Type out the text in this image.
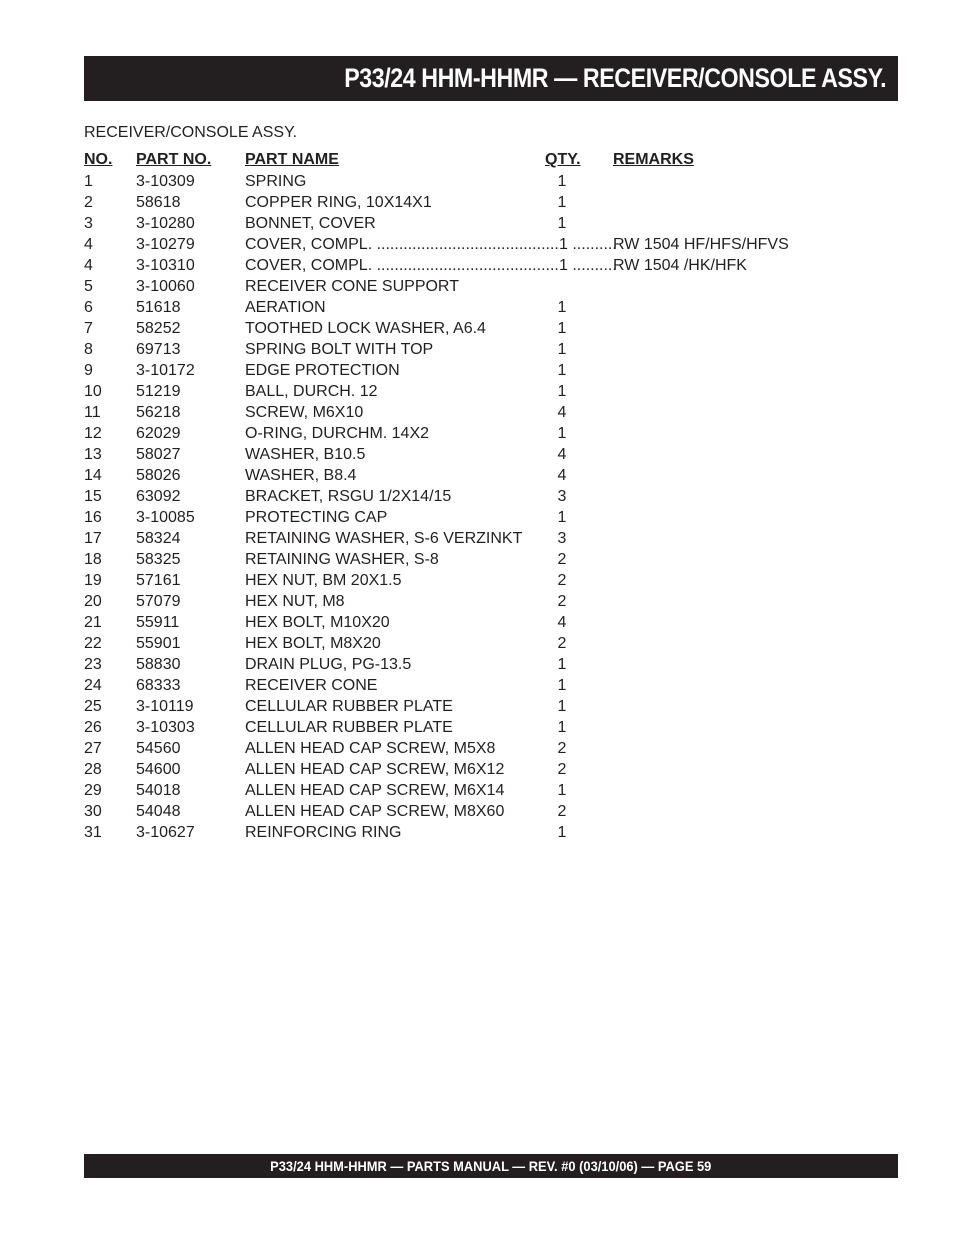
P33/24 HHM-HHMR — RECEIVER/CONSOLE ASSY.
RECEIVER/CONSOLE ASSY.
NO. PART NO. PART NAME	QTY. REMARKS
1	3-10309	SPRING	1
2	58618	COPPER RING, 10X14X1	1
3	3-10280	BONNET, COVER	1
4	3-10279	COVER, COMPL. .....	1 .....	RW 1504 HF/HFS/HFVS
4	3-10310	COVER, COMPL. .....	1 .....	RW 1504 /HK/HFK
5	3-10060	RECEIVER CONE SUPPORT
6	51618	AERATION	1
7	58252	TOOTHED LOCK WASHER, A6.4	1
8	69713	SPRING BOLT WITH TOP	1
9	3-10172	EDGE PROTECTION	1
10 51219	BALL, DURCH. 12	1
11 56218	SCREW, M6X10	4
12 62029	O-RING, DURCHM. 14X2	1
13 58027	WASHER, B10.5	4
14 58026	WASHER, B8.4	4
15 63092	BRACKET, RSGU 1/2X14/15	3
16 3-10085	PROTECTING CAP	1
17 58324	RETAINING WASHER, S-6 VERZINKT 3
18 58325	RETAINING WASHER, S-8	2
19 57161	HEX NUT, BM 20X1.5	2
20 57079	HEX NUT, M8	2
21 55911	HEX BOLT, M10X20	4
22 55901	HEX BOLT, M8X20	2
23 58830	DRAIN PLUG, PG-13.5	1
24 68333	RECEIVER CONE	1
25 3-10119	CELLULAR RUBBER PLATE	1
26 3-10303	CELLULAR RUBBER PLATE	1
27 54560	ALLEN HEAD CAP SCREW, M5X8	2
28 54600	ALLEN HEAD CAP SCREW, M6X12	2
29 54018	ALLEN HEAD CAP SCREW, M6X14	1
30 54048	ALLEN HEAD CAP SCREW, M8X60	2
31 3-10627	REINFORCING RING	1
P33/24 HHM-HHMR — PARTS MANUAL — REV. #0 (03/10/06) — PAGE 59
